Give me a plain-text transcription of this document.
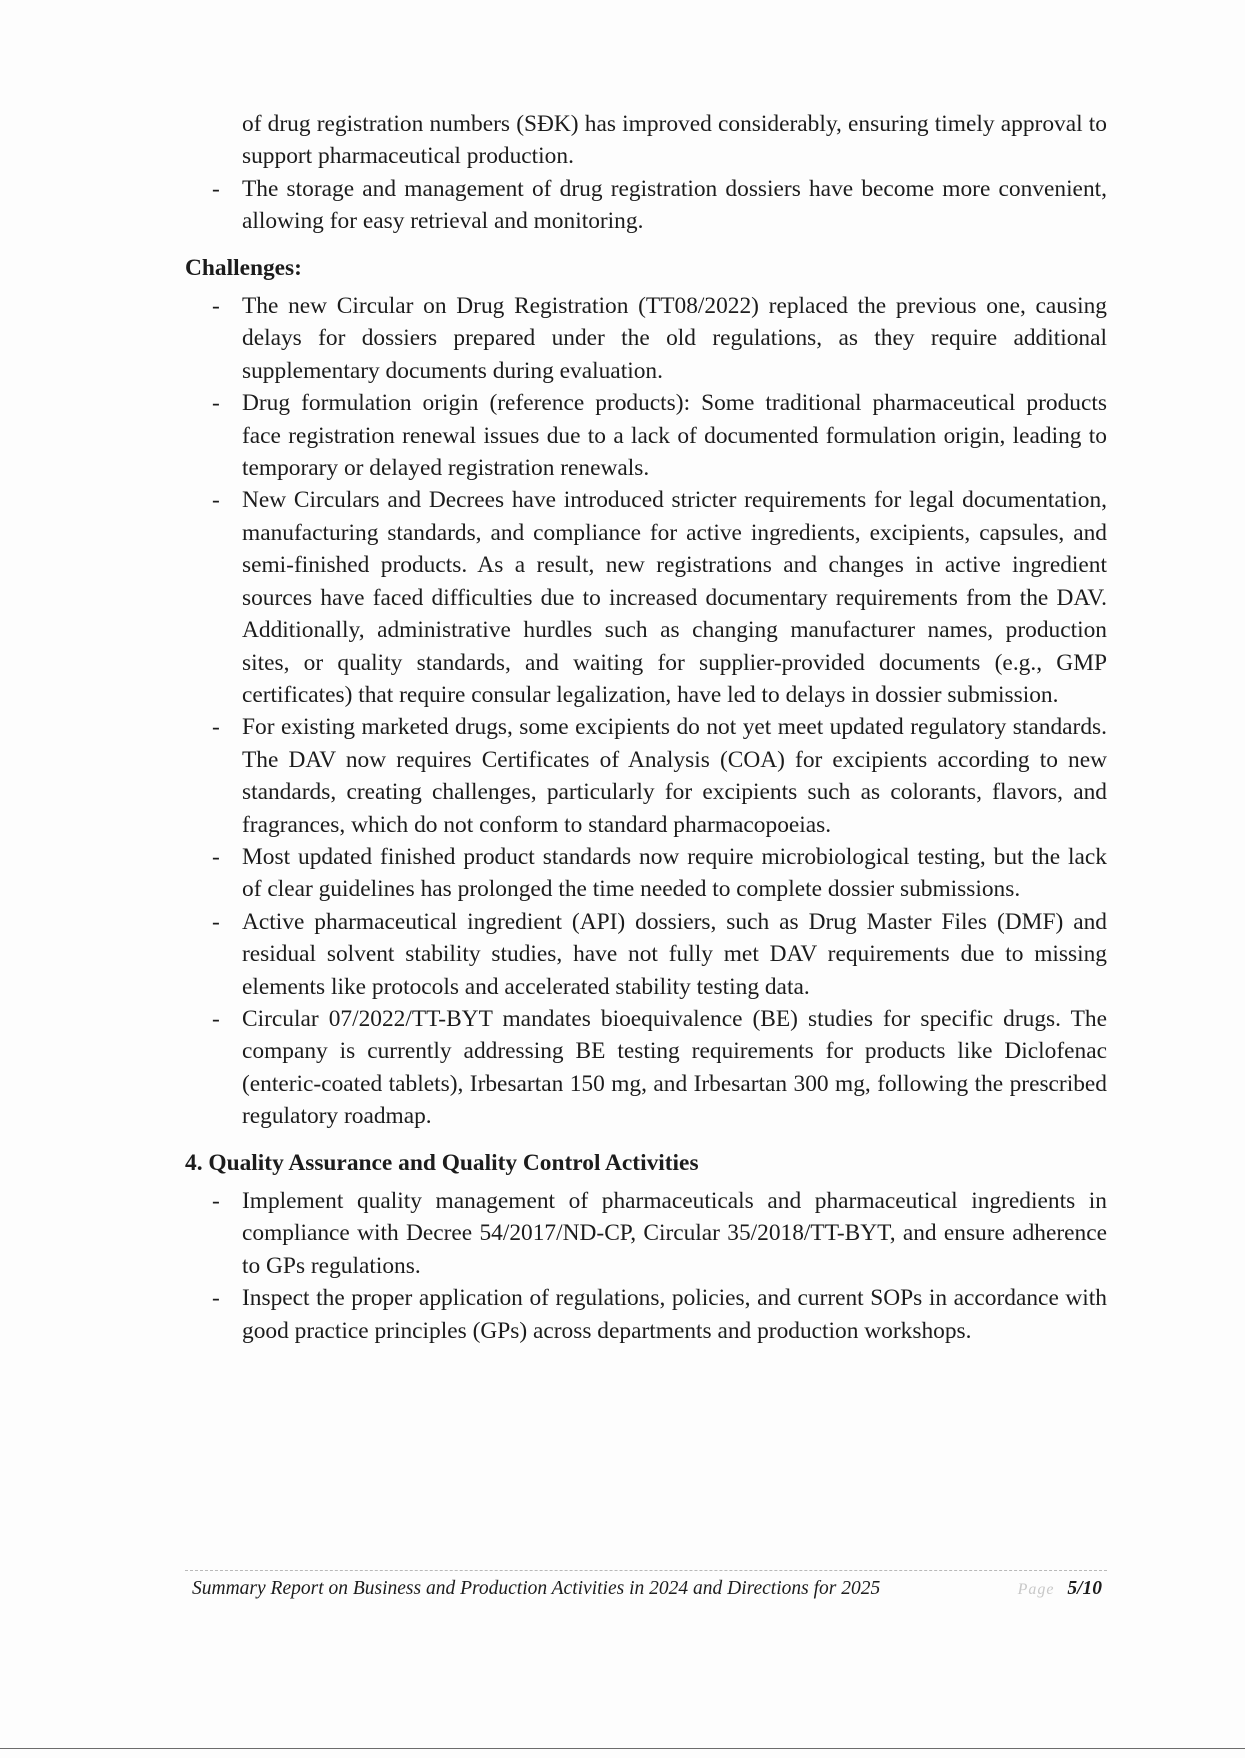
of drug registration numbers (SĐK) has improved considerably, ensuring timely approval to support pharmaceutical production.

- The storage and management of drug registration dossiers have become more convenient, allowing for easy retrieval and monitoring.

Challenges:

- The new Circular on Drug Registration (TT08/2022) replaced the previous one, causing delays for dossiers prepared under the old regulations, as they require additional supplementary documents during evaluation.
- Drug formulation origin (reference products): Some traditional pharmaceutical products face registration renewal issues due to a lack of documented formulation origin, leading to temporary or delayed registration renewals.
- New Circulars and Decrees have introduced stricter requirements for legal documentation, manufacturing standards, and compliance for active ingredients, excipients, capsules, and semi-finished products. As a result, new registrations and changes in active ingredient sources have faced difficulties due to increased documentary requirements from the DAV. Additionally, administrative hurdles such as changing manufacturer names, production sites, or quality standards, and waiting for supplier-provided documents (e.g., GMP certificates) that require consular legalization, have led to delays in dossier submission.
- For existing marketed drugs, some excipients do not yet meet updated regulatory standards. The DAV now requires Certificates of Analysis (COA) for excipients according to new standards, creating challenges, particularly for excipients such as colorants, flavors, and fragrances, which do not conform to standard pharmacopoeias.
- Most updated finished product standards now require microbiological testing, but the lack of clear guidelines has prolonged the time needed to complete dossier submissions.
- Active pharmaceutical ingredient (API) dossiers, such as Drug Master Files (DMF) and residual solvent stability studies, have not fully met DAV requirements due to missing elements like protocols and accelerated stability testing data.
- Circular 07/2022/TT-BYT mandates bioequivalence (BE) studies for specific drugs. The company is currently addressing BE testing requirements for products like Diclofenac (enteric-coated tablets), Irbesartan 150 mg, and Irbesartan 300 mg, following the prescribed regulatory roadmap.

4. Quality Assurance and Quality Control Activities

- Implement quality management of pharmaceuticals and pharmaceutical ingredients in compliance with Decree 54/2017/ND-CP, Circular 35/2018/TT-BYT, and ensure adherence to GPs regulations.
- Inspect the proper application of regulations, policies, and current SOPs in accordance with good practice principles (GPs) across departments and production workshops.
Summary Report on Business and Production Activities in 2024 and Directions for 2025	Page 5/10
